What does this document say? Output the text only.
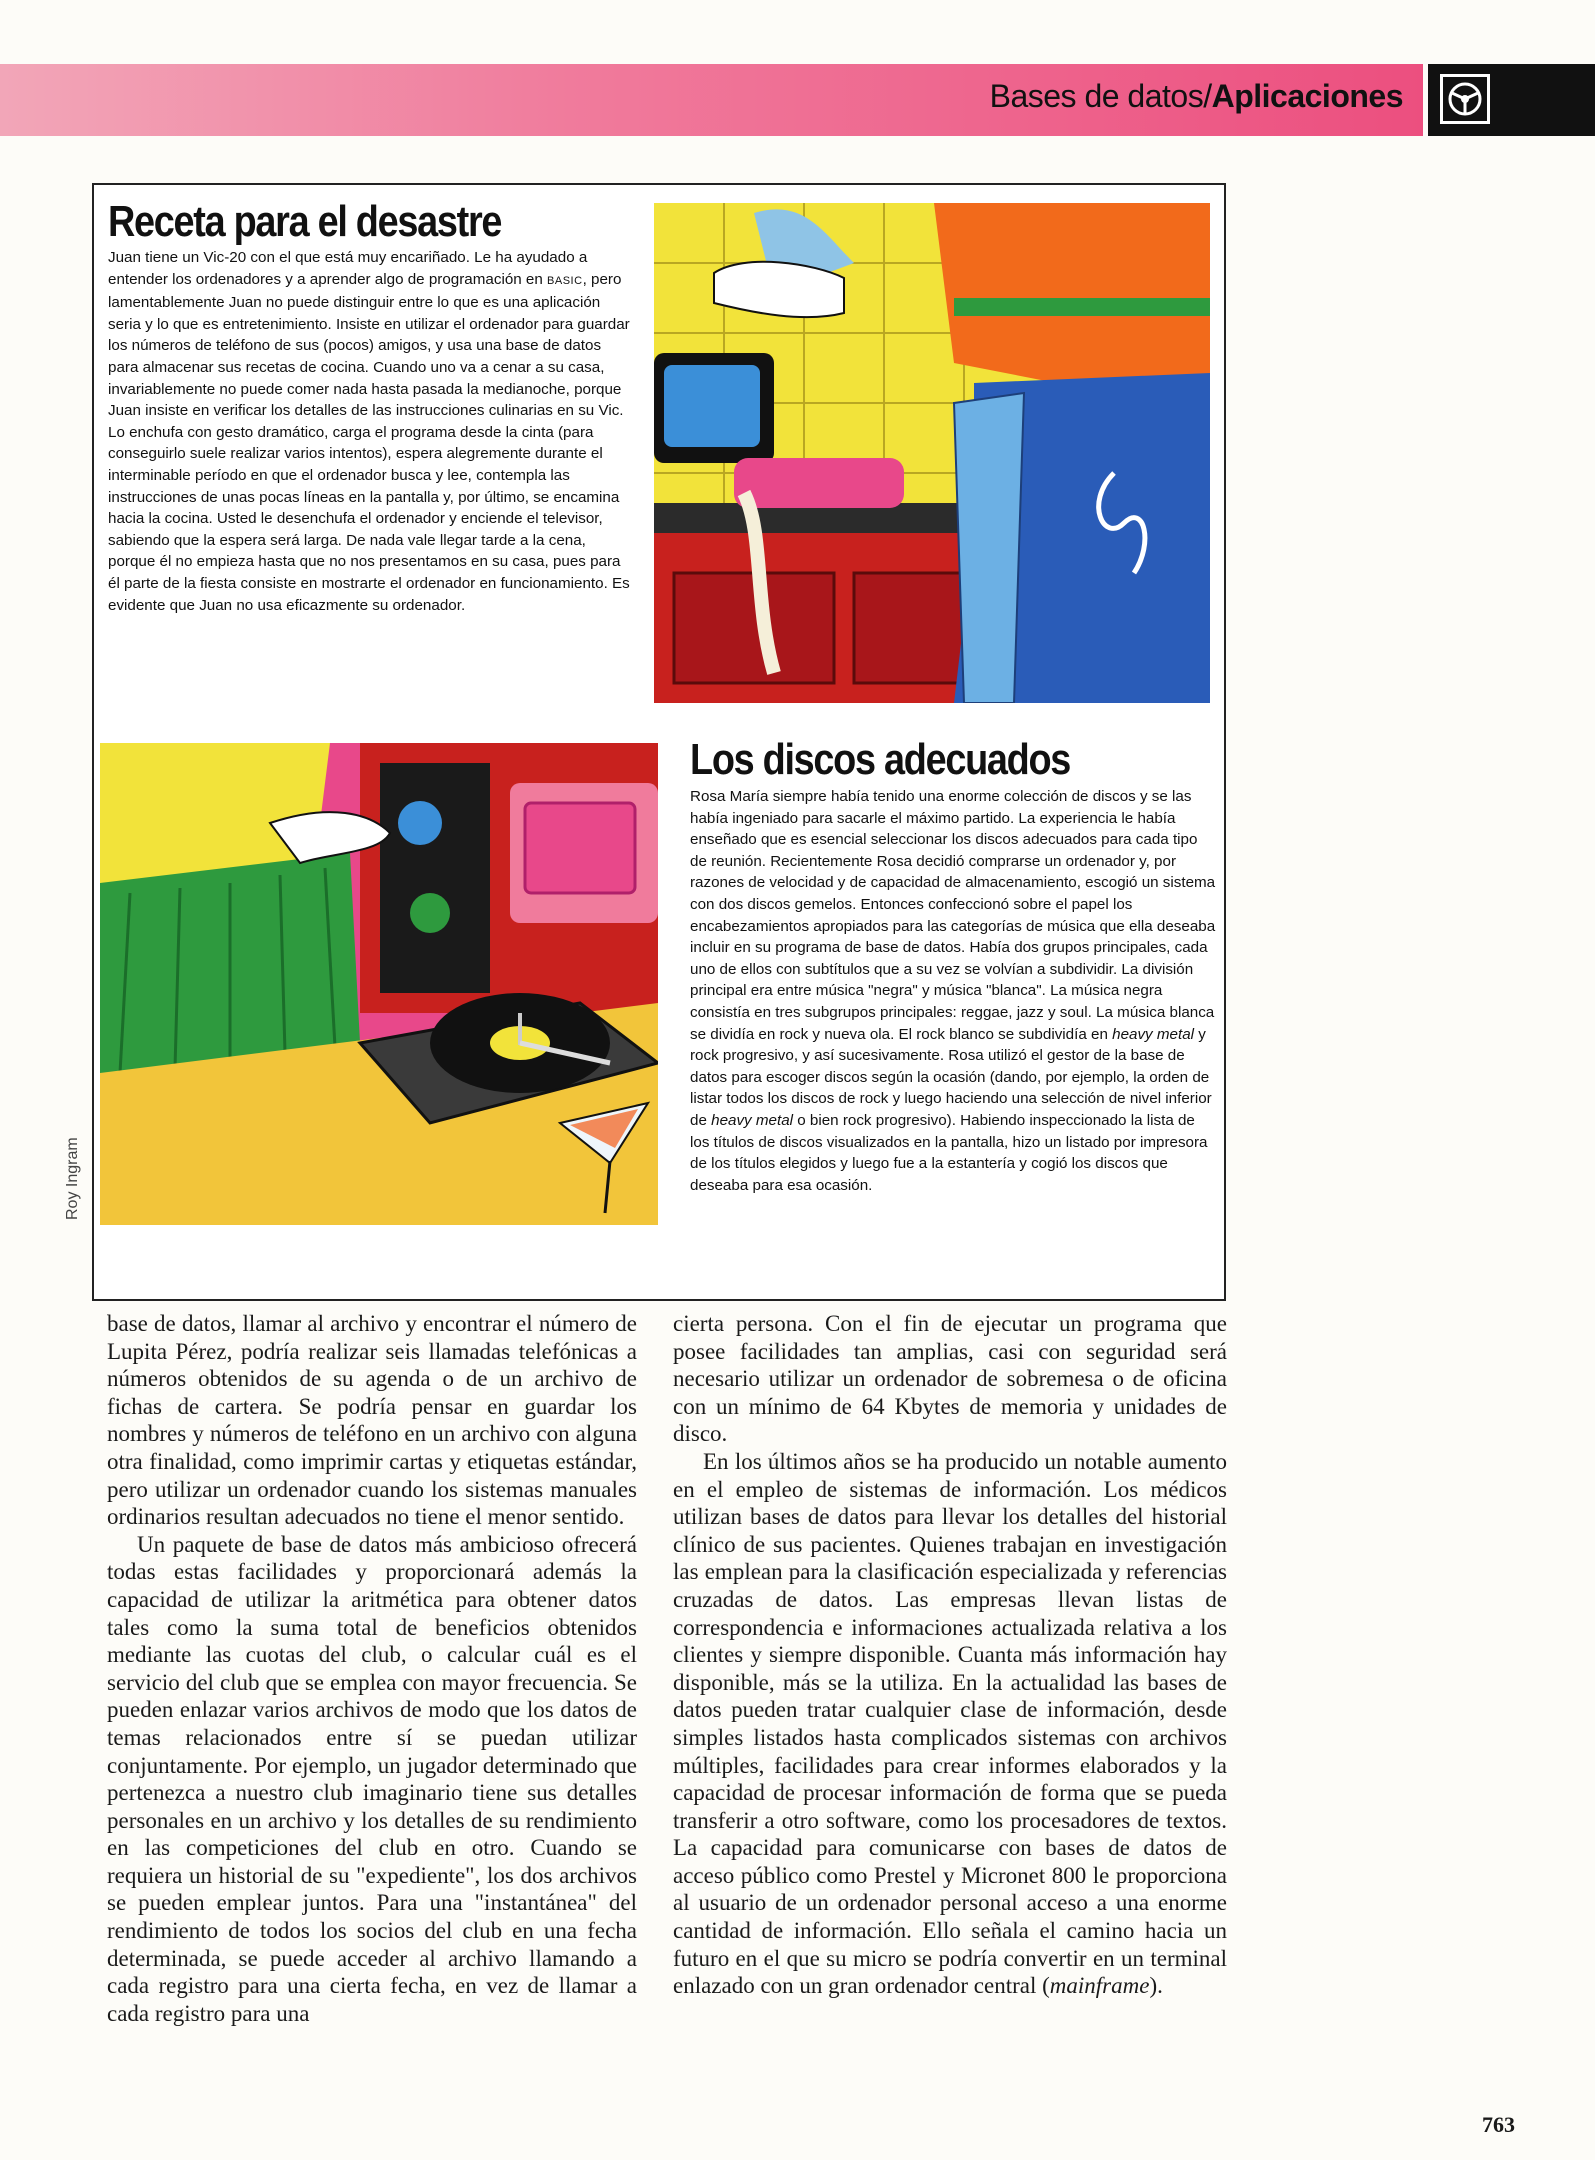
Bases de datos/Aplicaciones
Receta para el desastre

Juan tiene un Vic-20 con el que está muy encariñado. Le ha ayudado a entender los ordenadores y a aprender algo de programación en BASIC, pero lamentablemente Juan no puede distinguir entre lo que es una aplicación seria y lo que es entretenimiento. Insiste en utilizar el ordenador para guardar los números de teléfono de sus (pocos) amigos, y usa una base de datos para almacenar sus recetas de cocina. Cuando uno va a cenar a su casa, invariablemente no puede comer nada hasta pasada la medianoche, porque Juan insiste en verificar los detalles de las instrucciones culinarias en su Vic. Lo enchufa con gesto dramático, carga el programa desde la cinta (para conseguirlo suele realizar varios intentos), espera alegremente durante el interminable período en que el ordenador busca y lee, contempla las instrucciones de unas pocas líneas en la pantalla y, por último, se encamina hacia la cocina. Usted le desenchufa el ordenador y enciende el televisor, sabiendo que la espera será larga. De nada vale llegar tarde a la cena, porque él no empieza hasta que no nos presentamos en su casa, pues para él parte de la fiesta consiste en mostrarte el ordenador en funcionamiento. Es evidente que Juan no usa eficazmente su ordenador.

Los discos adecuados

Rosa María siempre había tenido una enorme colección de discos y se las había ingeniado para sacarle el máximo partido. La experiencia le había enseñado que es esencial seleccionar los discos adecuados para cada tipo de reunión. Recientemente Rosa decidió comprarse un ordenador y, por razones de velocidad y de capacidad de almacenamiento, escogió un sistema con dos discos gemelos. Entonces confeccionó sobre el papel los encabezamientos apropiados para las categorías de música que ella deseaba incluir en su programa de base de datos. Había dos grupos principales, cada uno de ellos con subtítulos que a su vez se volvían a subdividir. La división principal era entre música "negra" y música "blanca". La música negra consistía en tres subgrupos principales: reggae, jazz y soul. La música blanca se dividía en rock y nueva ola. El rock blanco se subdividía en heavy metal y rock progresivo, y así sucesivamente. Rosa utilizó el gestor de la base de datos para escoger discos según la ocasión (dando, por ejemplo, la orden de listar todos los discos de rock y luego haciendo una selección de nivel inferior de heavy metal o bien rock progresivo). Habiendo inspeccionado la lista de los títulos de discos visualizados en la pantalla, hizo un listado por impresora de los títulos elegidos y luego fue a la estantería y cogió los discos que deseaba para esa ocasión.

Roy Ingram

base de datos, llamar al archivo y encontrar el número de Lupita Pérez, podría realizar seis llamadas telefónicas a números obtenidos de su agenda o de un archivo de fichas de cartera. Se podría pensar en guardar los nombres y números de teléfono en un archivo con alguna otra finalidad, como imprimir cartas y etiquetas estándar, pero utilizar un ordenador cuando los sistemas manuales ordinarios resultan adecuados no tiene el menor sentido.

Un paquete de base de datos más ambicioso ofrecerá todas estas facilidades y proporcionará además la capacidad de utilizar la aritmética para obtener datos tales como la suma total de beneficios obtenidos mediante las cuotas del club, o calcular cuál es el servicio del club que se emplea con mayor frecuencia. Se pueden enlazar varios archivos de modo que los datos de temas relacionados entre sí se puedan utilizar conjuntamente. Por ejemplo, un jugador determinado que pertenezca a nuestro club imaginario tiene sus detalles personales en un archivo y los detalles de su rendimiento en las competiciones del club en otro. Cuando se requiera un historial de su "expediente", los dos archivos se pueden emplear juntos. Para una "instantánea" del rendimiento de todos los socios del club en una fecha determinada, se puede acceder al archivo llamando a cada registro para una cierta fecha, en vez de llamar a cada registro para una

cierta persona. Con el fin de ejecutar un programa que posee facilidades tan amplias, casi con seguridad será necesario utilizar un ordenador de sobremesa o de oficina con un mínimo de 64 Kbytes de memoria y unidades de disco.

En los últimos años se ha producido un notable aumento en el empleo de sistemas de información. Los médicos utilizan bases de datos para llevar los detalles del historial clínico de sus pacientes. Quienes trabajan en investigación las emplean para la clasificación especializada y referencias cruzadas de datos. Las empresas llevan listas de correspondencia e informaciones actualizada relativa a los clientes y siempre disponible. Cuanta más información hay disponible, más se la utiliza. En la actualidad las bases de datos pueden tratar cualquier clase de información, desde simples listados hasta complicados sistemas con archivos múltiples, facilidades para crear informes elaborados y la capacidad de procesar información de forma que se pueda transferir a otro software, como los procesadores de textos. La capacidad para comunicarse con bases de datos de acceso público como Prestel y Micronet 800 le proporciona al usuario de un ordenador personal acceso a una enorme cantidad de información. Ello señala el camino hacia un futuro en el que su micro se podría convertir en un terminal enlazado con un gran ordenador central (mainframe).

763
